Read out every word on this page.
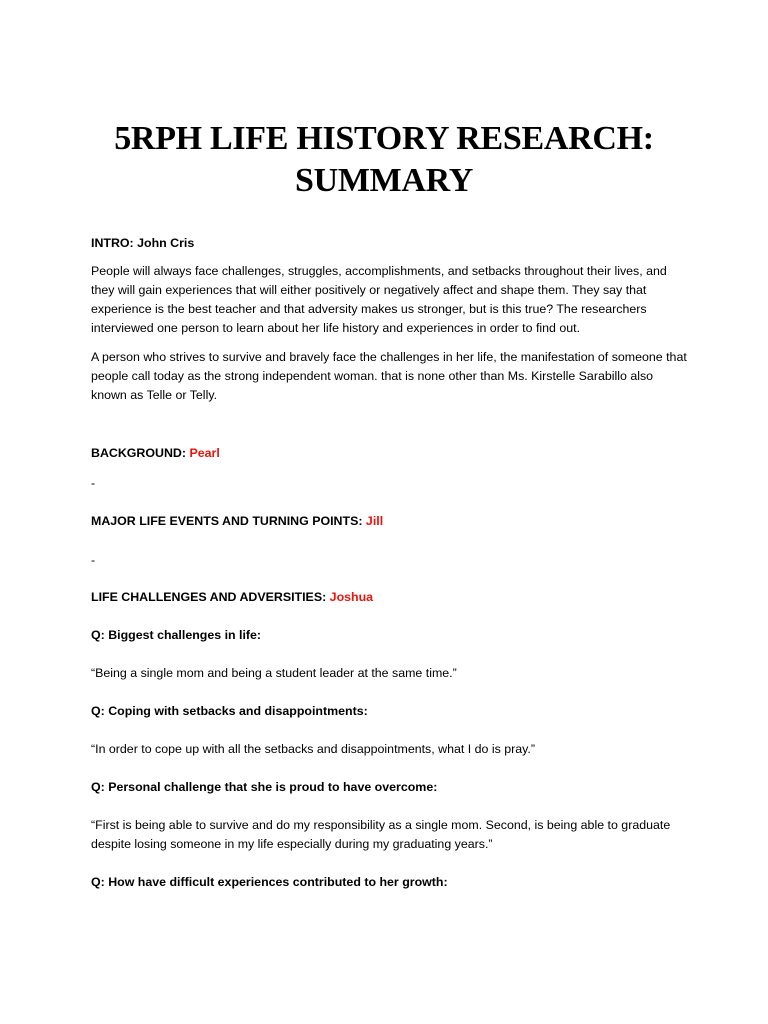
5RPH LIFE HISTORY RESEARCH:
SUMMARY

INTRO: John Cris

People will always face challenges, struggles, accomplishments, and setbacks throughout their lives, and they will gain experiences that will either positively or negatively affect and shape them. They say that experience is the best teacher and that adversity makes us stronger, but is this true? The researchers interviewed one person to learn about her life history and experiences in order to find out.

A person who strives to survive and bravely face the challenges in her life, the manifestation of someone that people call today as the strong independent woman. that is none other than Ms. Kirstelle Sarabillo also known as Telle or Telly.

BACKGROUND: Pearl

-

MAJOR LIFE EVENTS AND TURNING POINTS: Jill

-

LIFE CHALLENGES AND ADVERSITIES: Joshua

Q: Biggest challenges in life:

“Being a single mom and being a student leader at the same time.”

Q: Coping with setbacks and disappointments:

“In order to cope up with all the setbacks and disappointments, what I do is pray.”

Q: Personal challenge that she is proud to have overcome:

“First is being able to survive and do my responsibility as a single mom. Second, is being able to graduate despite losing someone in my life especially during my graduating years.”

Q: How have difficult experiences contributed to her growth:
